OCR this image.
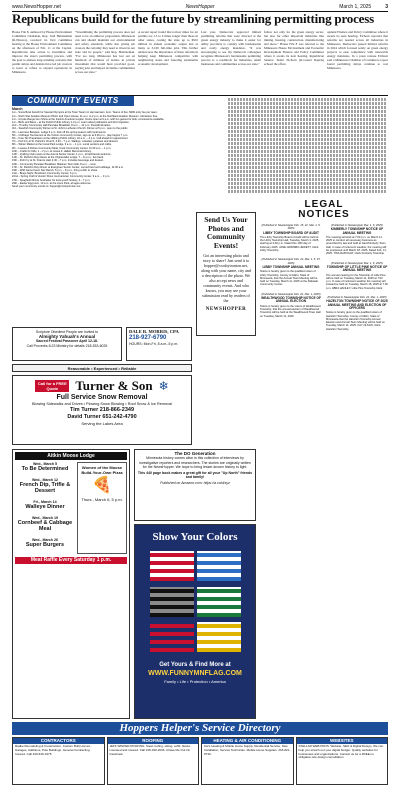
www.NewsHopper.net	NewsHopper	March 1, 2025	3
Republicans build for the future by streamlining permitting process
House File 8, authored by House Environment Committee Chairman, Rep. Josh Heintzeman (R-Nisswa), received its first committee hearing at the House Environment Committee on the afternoon of Feb. 11 at the Capitol. Republicans take action to streamline and improve the state's permitting process, with the goal to address long-standing concerns that permit delays and denials have led job creators to leave or refuse to expand operations in Minnesota.
"Streamlining the permitting process does not need to be an either/or proposition. Minnesota can and should maintain our environmental and safety standards, while also giving job creators the certainty they need to invest in our state and its people," said Rep. Heintzeman. "For too long, Minnesota has lost out on hundreds of millions of dollars in private investment that would have provided good-paying jobs and helped revitalize communities across our state."
A recent report found that review times for air permits are 1.5 to 6 times longer than those in other states, costing the state up to $910 million in annual economic output and as many as 3,100 full-time jobs. This further underscores the importance of these reforms in helping keep Minnesota competitive with neighboring states and fostering sustainable economic development.
Last year, Democrats approved limited permitting reforms that were directed at the green energy industry to make it easier for utility providers to comply with burdensome and costly energy mandates. "It was encouraging to see my Democrat colleagues recognize Minnesota's burdensome permitting process is a roadblock for industries, small businesses and communities across our state."
follow not only for the green energy sector, but also for other important industries like mining, housing, construction, manufacturing and more." House File 8 was referred to the Minnesota House Environment and Economic Development Finance and Policy Committee where it awaits its next hearing. Republican Senator Justin Eichorn (R-Grand Rapids) echoed the effort.
opment Finance and Policy Committee where it awaits its next hearing. Eichorn reported that reforms are needed across all industries in Minnesota. Democrats passed limited reforms in 2024 which focused solely on green energy projects to ease compliance with renewable energy mandates. In a press release Eichorn said a Minnesota Chamber of Commerce report found permitting delays continue to cost Minnesota.
COMMUNITY EVENTS
March
1st – Snow Bowl benefit for Special Olympics at the Town Tavern in Hermantown, 1pm. Teams of five, $300 entry fee per team.
1st – North Star Aviation Museum Pilots' and Open House, 11 a.m. to 2 p.m. at the Northland Aviation Museum. Admission free.
1st – Coyote Range Gun Show at the Instinct American Legion. Doors open at 9 a.m. with fun games for kids; concessions available.
1st – Birds and Bees – at the Duluth Public Library 1-3 p.m. Learn about pollinators and bird migration.
2nd – Timothy Community Hall Pancake Breakfast, 8 a.m. – 12 p.m. Freewill donation.
3rd – Swedish Community Dinner at St. John's Lutheran Church. Dinner at 5 p.m., open to the public.
4th – Lacrosse Banquet, Lodge 6 p.m. Kick off the spring season with local teams.
5th – Cribbage Tournament at the Cotton Community Center, sign-up at 6:30 p.m., play begins 7 p.m.
6th – Free Tax Preparation at the Hibbing Public Library, 10 a.m. – 2 p.m. Call ahead for appointment.
7th – Fish Fry at St. Patrick's Church, 4:30 – 7 p.m. Walleye, coleslaw, potatoes and dessert.
8th – Winter Market at the Canal Park Lodge, 9 a.m. – 1 p.m. Local vendors and crafts.
9th – Loaves & Fishes Community Meal, Cook Community Center, 11:30 a.m. – 1 p.m.
10th – Crafts for Kids, 1 – 2 p.m. at Jessie F. Hallett Memorial Library.
12th – Quilting Club meets at the Aurora Senior Center, 1 p.m., all skill levels welcome.
14th – St. Patrick's Day Dance at the Virginia Elks Lodge, 7 – 11 p.m., live band.
15th – Fish Fry at St. Francis Hall, 4:30 – 7 p.m. Includes beverage and dessert.
16th – Community Pancake Breakfast, Makinen Town Hall, 8 a.m. – noon.
17th – St. Patrick's Day Dinner at Evergreen Senior Center, corned beef and cabbage, 11:30 a.m.
19th – Wild Game Feed, Sax Ranch, 5 p.m. – 8 p.m., bring a dish to share.
21st – Bingo Night, Brookston Community Center, 6 p.m.
22nd – Spring Craft & Vendor Show, Hermantown Community Center, 9 a.m. – 3 p.m.
27th – Spaghetti Dinner fundraiser for local youth hockey, 4 – 7 p.m.
29th – Easter Egg Hunt, 10 a.m. at the Lions Park, all ages welcome.
Send your community events to: hopper@crosbyironton.net
LEGAL
NOTICES
Send Us Your Photos and Community Events!
Got an interesting photo and story to share? Just send it to hopper@crosbyironton.net, along with your name, city and a description of the photo. We also accept news and community events. And who knows, you may see your submission read by readers of the
NEWSHOPPER
(Published in NewsHopper Feb. 15, 22, Mar. 1, 8, 2025)
LIBBY TOWNSHIP BOARD OF AUDIT
The Libby Township Board of Audit will be held at the Libby Township Hall, Tuesday, March 4, 2025, starting at 4:00 p.m. Dated this 10th day of February 2025. JANE GRIMSBO-JEWETT, Clerk Libby Township
(Published in NewsHopper Feb. 22, Mar. 1, 8, 15, 2025)
LIBBY TOWNSHIP ANNUAL MEETING
Notice is hereby given to the qualified voters of Libby Township, County of Aitkin, State of Minnesota, that the Annual Town Meeting will be held on Tuesday, March 11, 2025 at the Palisade Community Center.
(Published in NewsHopper Feb. 22, Mar. 1, 2025)
WEALTHWOOD TOWNSHIP NOTICE OF ANNUAL ELECTION
Notice is hereby given to the voters of Wealthwood Township, that the annual election of Wealthwood Township will be held at the Wealthwood Town Hall on Tuesday, March 11, 2025.
(Published in NewsHopper Mar. 1, 8, 2025)
KIMBERLY TOWNSHIP NOTICE OF ANNUAL MEETING
The meeting will start at 7:00 p.m. on March 11, 2025 to conduct all necessary business as prescribed by law and held at Glen/Kimberly Town Hall. In case of inclement weather, the meeting will be postponed until March 18, 2025. Dated Feb. 14, 2025. TINA RAPOGHT, Clerk Kimberly Township
(Published in NewsHopper Mar. 1, 8, 2025)
TOWNSHIP OF LITTLE PINE NOTICE OF ANNUAL MEETING
The annual meeting for the Township of Little Pine will be held on Tuesday, March 11, 2025 at 7:00 p.m. In case of inclement weather the meeting will instead be held on Tuesday, March 18, 2025 at 7:00 p.m. ABRA HANLEY, Little Pine Township Clerk
(Published in NewsHopper Feb. 22, Mar. 1, 2025)
HAZELTON TOWNSHIP NOTICE OF 2025 ANNUAL MEETING AND ELECTION OF OFFICERS
Notice is hereby given to the qualified voters of Hazelton Township, County of Aitkin, State of Minnesota that the Hazelton Township Annual Election and Annual Town Meeting will be held on Tuesday, March 11, 2025. KAY OLSON, Clerk Hazelton Township
Scripture Obedient People are Invited to
Almighty Yahuah's Annual
Sacred Festival Passover April 12-18.
Call Proverbs 6:23 Ministry for details 218-533-6029
DALE R. MORRIS, CPA
218-927-6790
HOURS: Mon-Fri, 8 a.m.-5 p.m.
Reasonable • Experienced • Reliable
Call for a FREE Quote	Turner & Son ❄
Full Service Snow Removal
Blowing Sidewalks and Drives • Plowing Snow Blowing • Roof Snow & Ice Removal
Tim Turner 218-866-2349
David Turner 651-242-4790
Serving the Lakes Area
Aitkin Moose Lodge
Wed., March 5
To Be Determined
Wed., March 12
French Dip, Trifle & Dessert
Fri., March 14
Walleye Dinner
Wed., March 19
Cornbeef & Cabbage Meal
Wed., March 26
Super Burgers
Women of the Moose Build-Your-Own Pizza
🍕
Thurs., March 6, 5 p.m.
Meat Raffle Every Saturday 1 p.m.
The DO Generation
Minnesota history comes alive in this collection of interviews by investigative reporters and researchers. The stories are originally written for the NewsHopper. We hope to bring lesser-known history to light.
This 440 page book makes a great gift for all your "Up North" friends and family!
Published on Amazon.com: https://a.co/d/xyz
Show Your Colors
Get Yours & Find More at
WWW.FUNNYMNFLAG.COM
Family • Life • Protection • America
Hoppers Helper's Service Directory
CONTRACTORS
Radke Remodeling & Construction. Custom Built Homes, Garages, Additions, Pole Buildings, General Contracting. Insured. Call 320-630-1975.
ROOFING
JEFF WINKER ROOFING. Steel roofing, siding, soffit, fascia. Licensed and insured. Call 218-330-2036. Chase Me Out On Facebook.
HEATING & AIR CONDITIONING
Kel's Heating & Mobile Home Supply. Residential Service, New Installation, Service Technician. Mobile Home Supplies. 218-821-9730.
WEBSITES
STELLAR WEB PROS. Website, SEO & Digital Design. We can help you stretch out your digital budget. Quality websites for businesses and organizations. Contact us for a FREE no obligation site design consultation.
